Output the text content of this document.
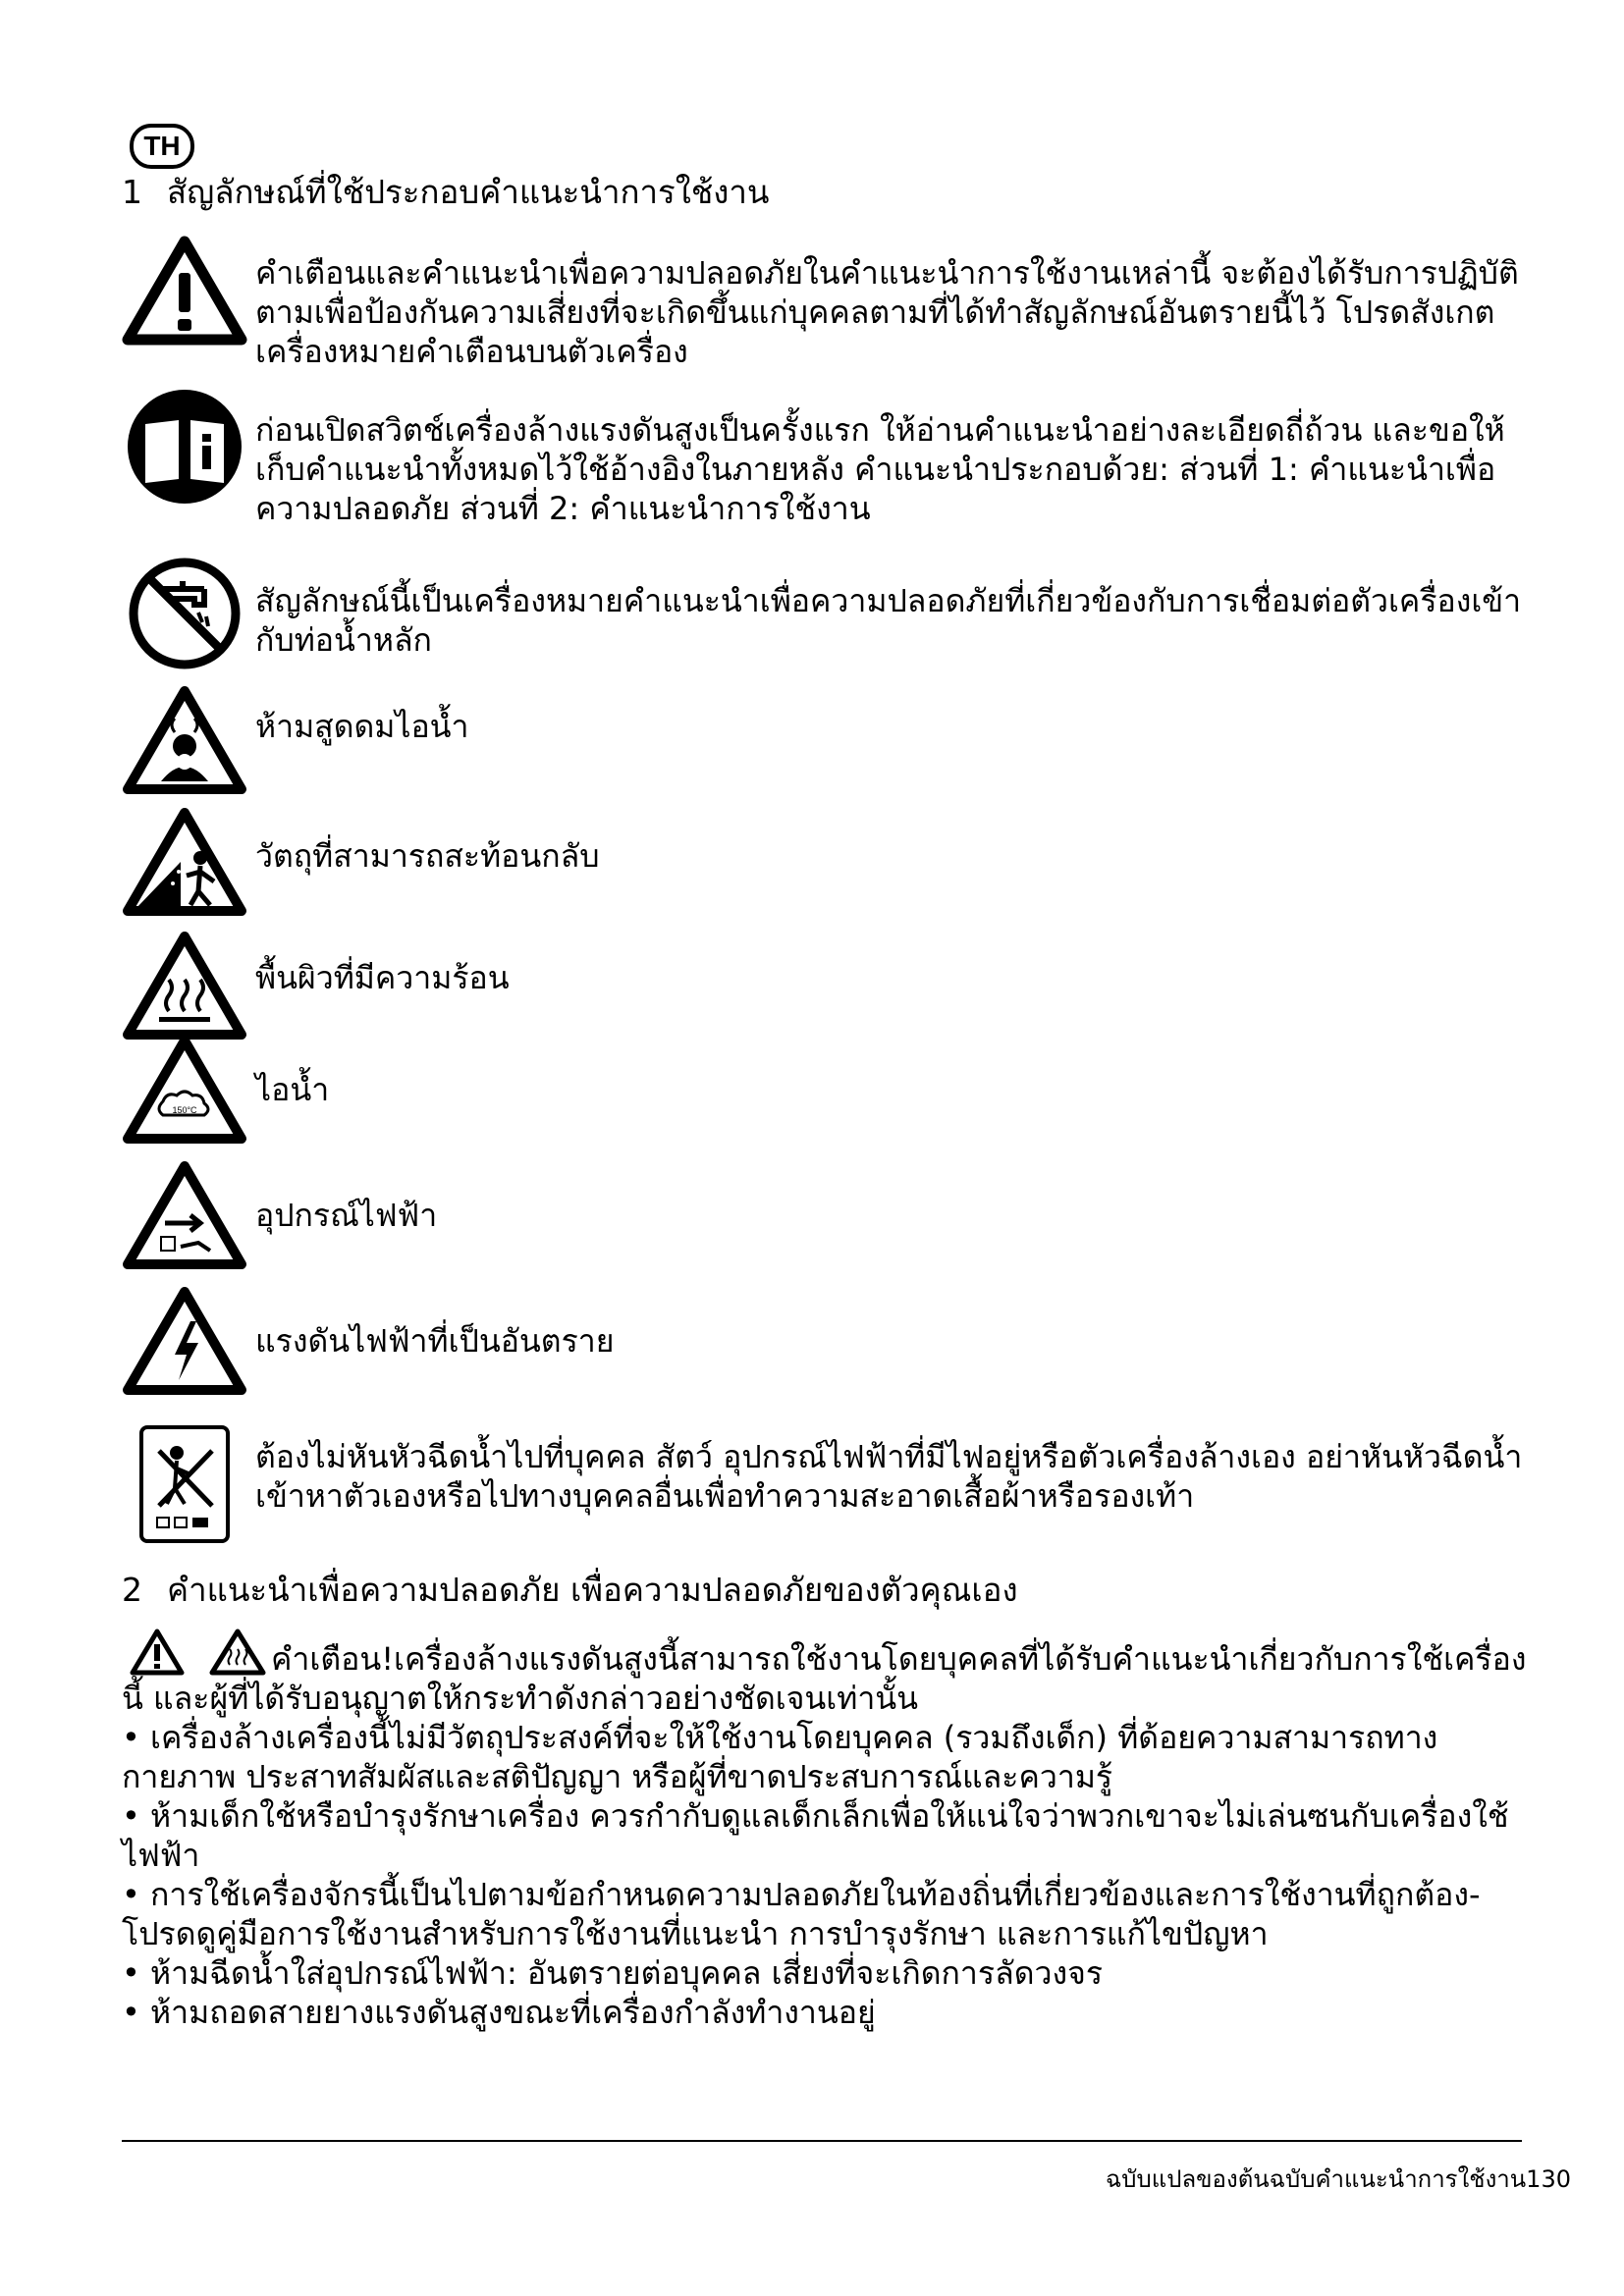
TH
1 สัญลักษณ์ที่ใช้ประกอบคำแนะนำการใช้งาน
คำเตือนและคำแนะนำเพื่อความปลอดภัยในคำแนะนำการใช้งานเหล่านี้ จะต้องได้รับการปฏิบัติ
ตามเพื่อป้องกันความเสี่ยงที่จะเกิดขึ้นแก่บุคคลตามที่ได้ทำสัญลักษณ์อันตรายนี้ไว้ โปรดสังเกต
เครื่องหมายคำเตือนบนตัวเครื่อง
ก่อนเปิดสวิตช์เครื่องล้างแรงดันสูงเป็นครั้งแรก ให้อ่านคำแนะนำอย่างละเอียดถี่ถ้วน และขอให้
เก็บคำแนะนำทั้งหมดไว้ใช้อ้างอิงในภายหลัง คำแนะนำประกอบด้วย: ส่วนที่ 1: คำแนะนำเพื่อ
ความปลอดภัย ส่วนที่ 2: คำแนะนำการใช้งาน
สัญลักษณ์นี้เป็นเครื่องหมายคำแนะนำเพื่อความปลอดภัยที่เกี่ยวข้องกับการเชื่อมต่อตัวเครื่องเข้า
กับท่อน้ำหลัก
ห้ามสูดดมไอน้ำ
วัตถุที่สามารถสะท้อนกลับ
พื้นผิวที่มีความร้อน
150°C
ไอน้ำ
อุปกรณ์ไฟฟ้า
แรงดันไฟฟ้าที่เป็นอันตราย
ต้องไม่หันหัวฉีดน้ำไปที่บุคคล สัตว์ อุปกรณ์ไฟฟ้าที่มีไฟอยู่หรือตัวเครื่องล้างเอง อย่าหันหัวฉีดน้ำ
เข้าหาตัวเองหรือไปทางบุคคลอื่นเพื่อทำความสะอาดเสื้อผ้าหรือรองเท้า
2 คำแนะนำเพื่อความปลอดภัย เพื่อความปลอดภัยของตัวคุณเอง
คำเตือน!เครื่องล้างแรงดันสูงนี้สามารถใช้งานโดยบุคคลที่ได้รับคำแนะนำเกี่ยวกับการใช้เครื่อง
นี้ และผู้ที่ได้รับอนุญาตให้กระทำดังกล่าวอย่างชัดเจนเท่านั้น
• เครื่องล้างเครื่องนี้ไม่มีวัตถุประสงค์ที่จะให้ใช้งานโดยบุคคล (รวมถึงเด็ก) ที่ด้อยความสามารถทาง
กายภาพ ประสาทสัมผัสและสติปัญญา หรือผู้ที่ขาดประสบการณ์และความรู้
• ห้ามเด็กใช้หรือบำรุงรักษาเครื่อง ควรกำกับดูแลเด็กเล็กเพื่อให้แน่ใจว่าพวกเขาจะไม่เล่นซนกับเครื่องใช้
ไฟฟ้า
• การใช้เครื่องจักรนี้เป็นไปตามข้อกำหนดความปลอดภัยในท้องถิ่นที่เกี่ยวข้องและการใช้งานที่ถูกต้อง-
โปรดดูคู่มือการใช้งานสำหรับการใช้งานที่แนะนำ การบำรุงรักษา และการแก้ไขปัญหา
• ห้ามฉีดน้ำใส่อุปกรณ์ไฟฟ้า: อันตรายต่อบุคคล เสี่ยงที่จะเกิดการลัดวงจร
• ห้ามถอดสายยางแรงดันสูงขณะที่เครื่องกำลังทำงานอยู่
ฉบับแปลของต้นฉบับคำแนะนำการใช้งาน130
